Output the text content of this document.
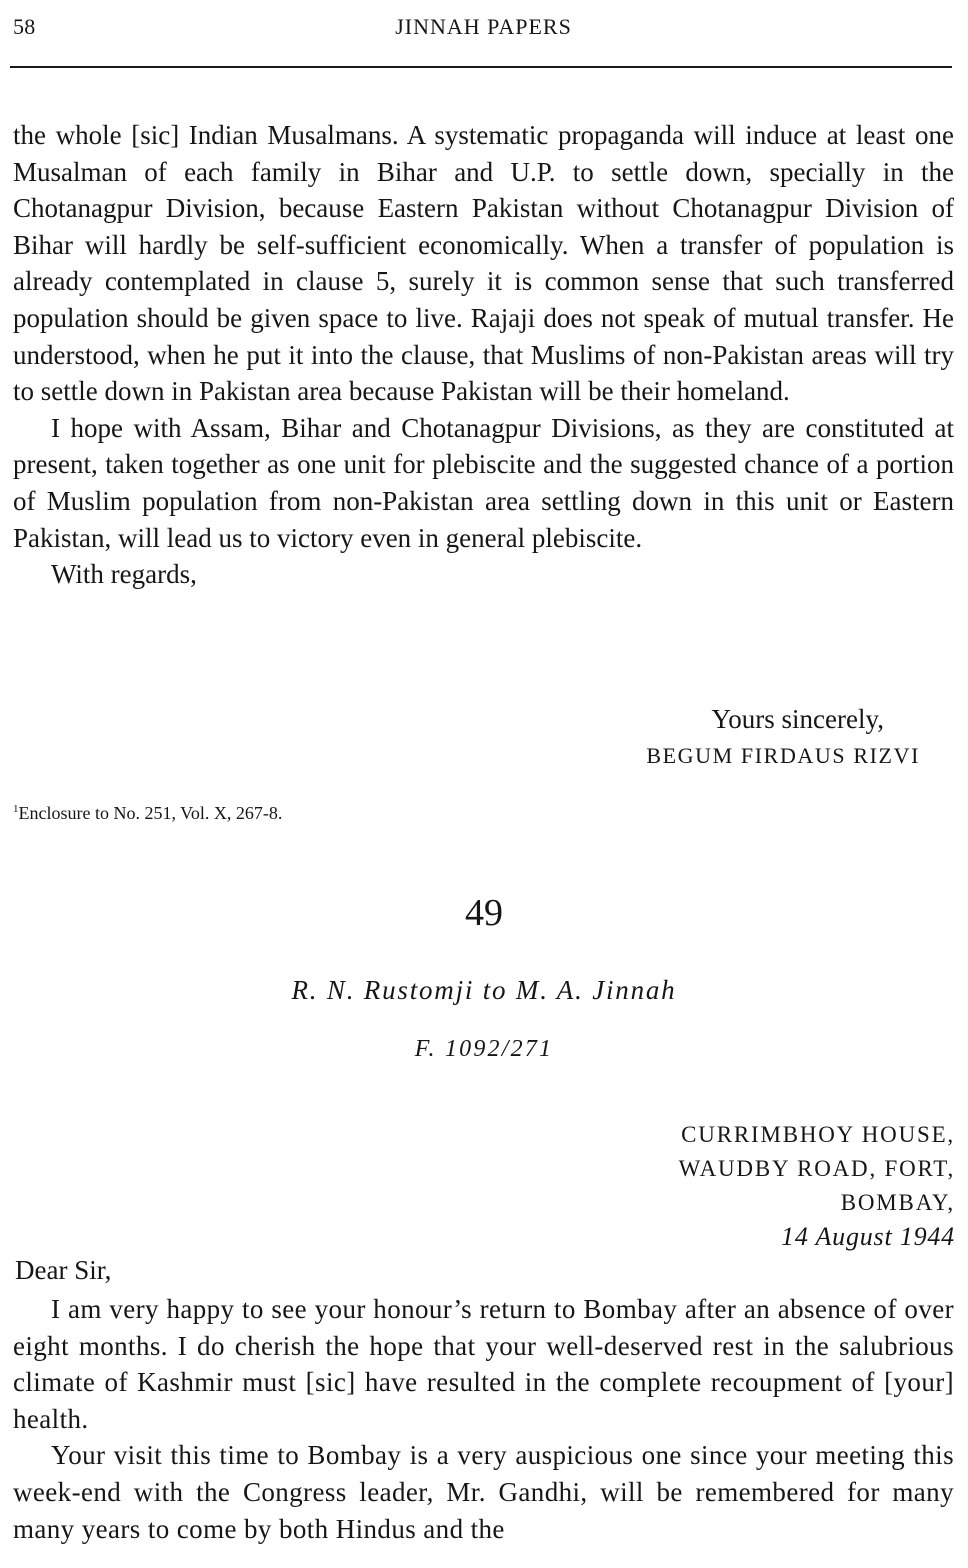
58	JINNAH PAPERS

the whole [sic] Indian Musalmans. A systematic propaganda will induce at least one Musalman of each family in Bihar and U.P. to settle down, specially in the Chotanagpur Division, because Eastern Pakistan without Chotanagpur Division of Bihar will hardly be self-sufficient economically. When a transfer of population is already contemplated in clause 5, surely it is common sense that such transferred population should be given space to live. Rajaji does not speak of mutual transfer. He understood, when he put it into the clause, that Muslims of non-Pakistan areas will try to settle down in Pakistan area because Pakistan will be their homeland.

I hope with Assam, Bihar and Chotanagpur Divisions, as they are constituted at present, taken together as one unit for plebiscite and the suggested chance of a portion of Muslim population from non-Pakistan area settling down in this unit or Eastern Pakistan, will lead us to victory even in general plebiscite.

With regards,

Yours sincerely,
BEGUM FIRDAUS RIZVI
$^1$Enclosure to No. 251, Vol. X, 267-8.
49
R. N. Rustomji to M. A. Jinnah
F. 1092/271
CURRIMBHOY HOUSE,
WAUDBY ROAD, FORT,
BOMBAY,
14 August 1944
Dear Sir,

I am very happy to see your honour’s return to Bombay after an absence of over eight months. I do cherish the hope that your well-deserved rest in the salubrious climate of Kashmir must [sic] have resulted in the complete recoupment of [your] health.

Your visit this time to Bombay is a very auspicious one since your meeting this week-end with the Congress leader, Mr. Gandhi, will be remembered for many many years to come by both Hindus and the
